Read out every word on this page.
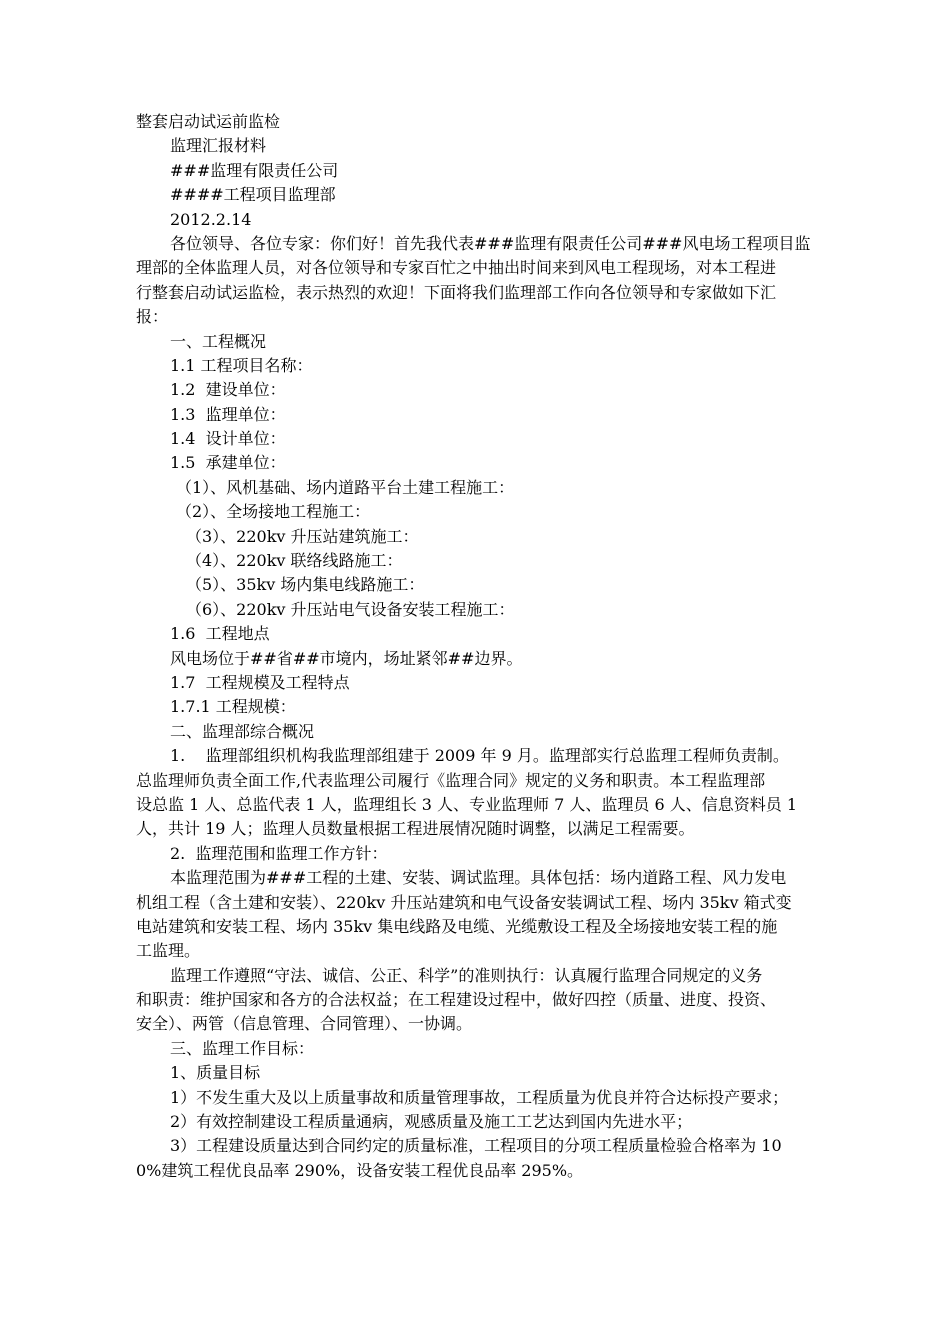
整套启动试运前监检
监理汇报材料
###监理有限责任公司
####工程项目监理部
2012.2.14
各位领导、各位专家：你们好！首先我代表###监理有限责任公司###风电场工程项目监
理部的全体监理人员，对各位领导和专家百忙之中抽出时间来到风电工程现场，对本工程进
行整套启动试运监检，表示热烈的欢迎！下面将我们监理部工作向各位领导和专家做如下汇
报：
一、工程概况
1.1 工程项目名称：
1.2  建设单位：
1.3  监理单位：
1.4  设计单位：
1.5  承建单位：
（1）、风机基础、场内道路平台土建工程施工：
（2）、全场接地工程施工：
（3）、220kv 升压站建筑施工：
（4）、220kv 联络线路施工：
（5）、35kv 场内集电线路施工：
（6）、220kv 升压站电气设备安装工程施工：
1.6  工程地点
风电场位于##省##市境内，场址紧邻##边界。
1.7  工程规模及工程特点
1.7.1 工程规模：
二、监理部综合概况
1.    监理部组织机构我监理部组建于 2009 年 9 月。监理部实行总监理工程师负责制。
总监理师负责全面工作,代表监理公司履行《监理合同》规定的义务和职责。本工程监理部
设总监 1 人、总监代表 1 人，监理组长 3 人、专业监理师 7 人、监理员 6 人、信息资料员 1
人，共计 19 人；监理人员数量根据工程进展情况随时调整，以满足工程需要。
2.  监理范围和监理工作方针：
本监理范围为###工程的土建、安装、调试监理。具体包括：场内道路工程、风力发电
机组工程（含土建和安装）、220kv 升压站建筑和电气设备安装调试工程、场内 35kv 箱式变
电站建筑和安装工程、场内 35kv 集电线路及电缆、光缆敷设工程及全场接地安装工程的施
工监理。
监理工作遵照“守法、诚信、公正、科学”的准则执行：认真履行监理合同规定的义务
和职责：维护国家和各方的合法权益；在工程建设过程中，做好四控（质量、进度、投资、
安全）、两管（信息管理、合同管理）、一协调。
三、监理工作目标：
1、质量目标
1）不发生重大及以上质量事故和质量管理事故，工程质量为优良并符合达标投产要求；
2）有效控制建设工程质量通病，观感质量及施工工艺达到国内先进水平；
3）工程建设质量达到合同约定的质量标准，工程项目的分项工程质量检验合格率为 10
0%建筑工程优良品率 290%，设备安装工程优良品率 295%。
